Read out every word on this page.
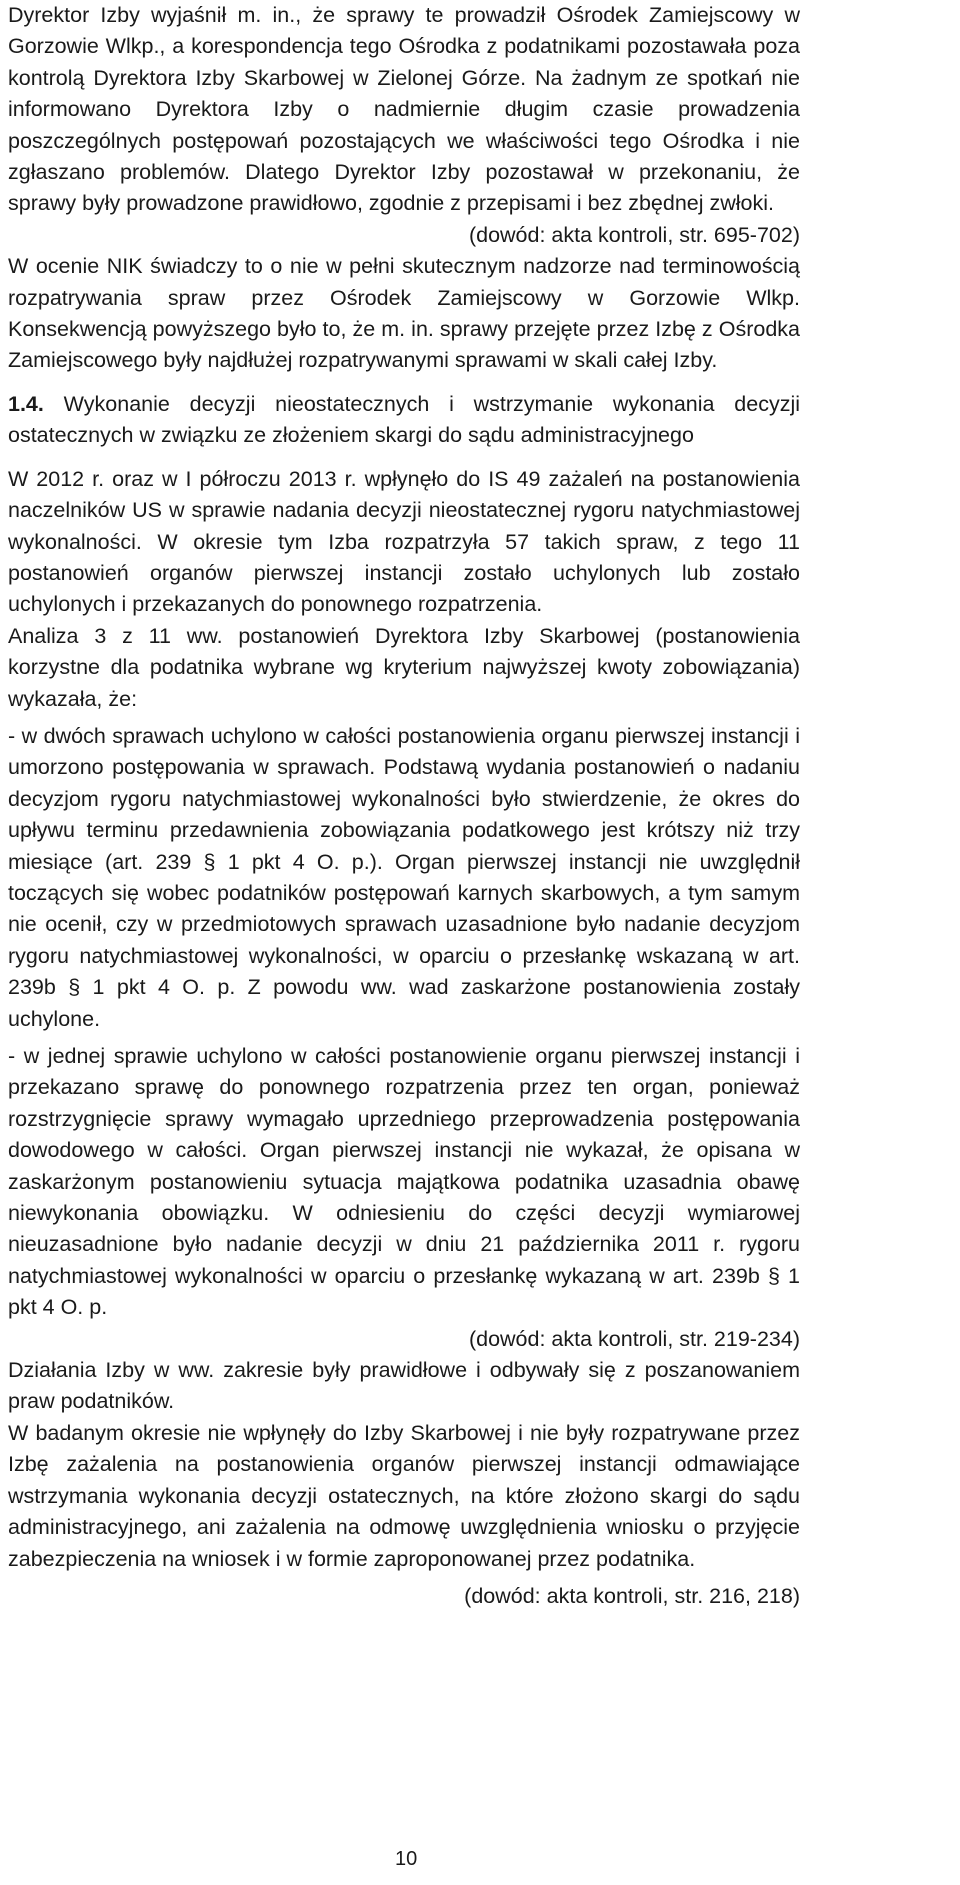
Dyrektor Izby wyjaśnił m. in., że sprawy te prowadził Ośrodek Zamiejscowy w Gorzowie Wlkp., a korespondencja tego Ośrodka z podatnikami pozostawała poza kontrolą Dyrektora Izby Skarbowej w Zielonej Górze. Na żadnym ze spotkań nie informowano Dyrektora Izby o nadmiernie długim czasie prowadzenia poszczególnych postępowań pozostających we właściwości tego Ośrodka i nie zgłaszano problemów. Dlatego Dyrektor Izby pozostawał w przekonaniu, że sprawy były prowadzone prawidłowo, zgodnie z przepisami i bez zbędnej zwłoki.

(dowód: akta kontroli, str. 695-702)

W ocenie NIK świadczy to o nie w pełni skutecznym nadzorze nad terminowością rozpatrywania spraw przez Ośrodek Zamiejscowy w Gorzowie Wlkp. Konsekwencją powyższego było to, że m. in. sprawy przejęte przez Izbę z Ośrodka Zamiejscowego były najdłużej rozpatrywanymi sprawami w skali całej Izby.

1.4. Wykonanie decyzji nieostatecznych i wstrzymanie wykonania decyzji ostatecznych w związku ze złożeniem skargi do sądu administracyjnego

W 2012 r. oraz w I półroczu 2013 r. wpłynęło do IS 49 zażaleń na postanowienia naczelników US w sprawie nadania decyzji nieostatecznej rygoru natychmiastowej wykonalności. W okresie tym Izba rozpatrzyła 57 takich spraw, z tego 11 postanowień organów pierwszej instancji zostało uchylonych lub zostało uchylonych i przekazanych do ponownego rozpatrzenia.

Analiza 3 z 11 ww. postanowień Dyrektora Izby Skarbowej (postanowienia korzystne dla podatnika wybrane wg kryterium najwyższej kwoty zobowiązania) wykazała, że:

- w dwóch sprawach uchylono w całości postanowienia organu pierwszej instancji i umorzono postępowania w sprawach. Podstawą wydania postanowień o nadaniu decyzjom rygoru natychmiastowej wykonalności było stwierdzenie, że okres do upływu terminu przedawnienia zobowiązania podatkowego jest krótszy niż trzy miesiące (art. 239 § 1 pkt 4 O. p.). Organ pierwszej instancji nie uwzględnił toczących się wobec podatników postępowań karnych skarbowych, a tym samym nie ocenił, czy w przedmiotowych sprawach uzasadnione było nadanie decyzjom rygoru natychmiastowej wykonalności, w oparciu o przesłankę wskazaną w art. 239b § 1 pkt 4 O. p. Z powodu ww. wad zaskarżone postanowienia zostały uchylone.

- w jednej sprawie uchylono w całości postanowienie organu pierwszej instancji i przekazano sprawę do ponownego rozpatrzenia przez ten organ, ponieważ rozstrzygnięcie sprawy wymagało uprzedniego przeprowadzenia postępowania dowodowego w całości. Organ pierwszej instancji nie wykazał, że opisana w zaskarżonym postanowieniu sytuacja majątkowa podatnika uzasadnia obawę niewykonania obowiązku. W odniesieniu do części decyzji wymiarowej nieuzasadnione było nadanie decyzji w dniu 21 października 2011 r. rygoru natychmiastowej wykonalności w oparciu o przesłankę wykazaną w art. 239b § 1 pkt 4 O. p.

(dowód: akta kontroli, str. 219-234)

Działania Izby w ww. zakresie były prawidłowe i odbywały się z poszanowaniem praw podatników.

W badanym okresie nie wpłynęły do Izby Skarbowej i nie były rozpatrywane przez Izbę zażalenia na postanowienia organów pierwszej instancji odmawiające wstrzymania wykonania decyzji ostatecznych, na które złożono skargi do sądu administracyjnego, ani zażalenia na odmowę uwzględnienia wniosku o przyjęcie zabezpieczenia na wniosek i w formie zaproponowanej przez podatnika.

(dowód: akta kontroli, str. 216, 218)

10
